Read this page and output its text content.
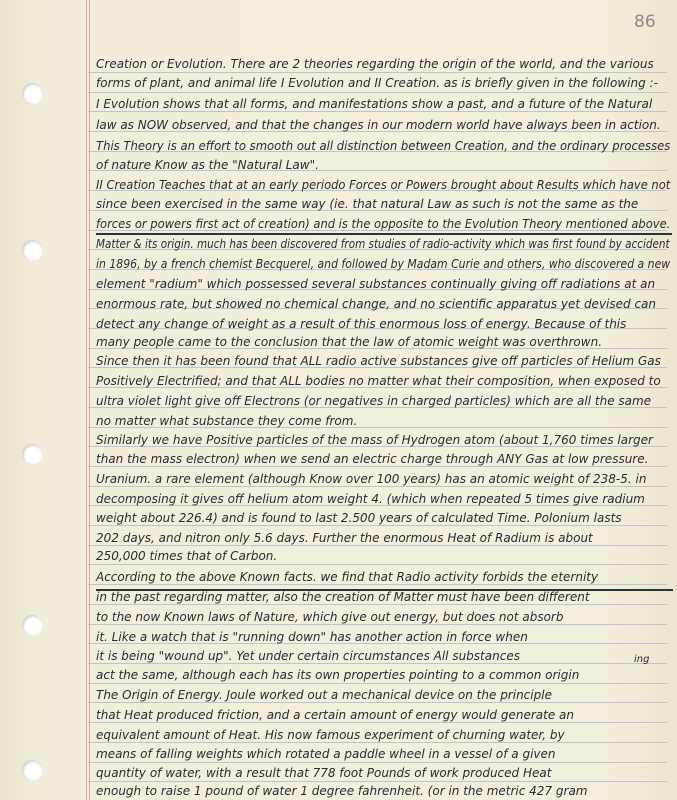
86
Creation or Evolution. There are 2 theories regarding the origin of the world, and the various
forms of plant, and animal life I Evolution and II Creation. as is briefly given in the following :-
I Evolution shows that all forms, and manifestations show a past, and a future of the Natural
law as NOW observed, and that the changes in our modern world have always been in action.
This Theory is an effort to smooth out all distinction between Creation, and the ordinary processes
of nature Know as the "Natural Law".
II Creation Teaches that at an early periodo Forces or Powers brought about Results which have not
since been exercised in the same way (ie. that natural Law as such is not the same as the
forces or powers first act of creation) and is the opposite to the Evolution Theory mentioned above.
Matter & its origin. much has been discovered from studies of radio-activity which was first found by accident
in 1896, by a french chemist Becquerel, and followed by Madam Curie and others, who discovered a new
element "radium" which possessed several substances continually giving off radiations at an
enormous rate, but showed no chemical change, and no scientific apparatus yet devised can
detect any change of weight as a result of this enormous loss of energy. Because of this
many people came to the conclusion that the law of atomic weight was overthrown.
Since then it has been found that ALL radio active substances give off particles of Helium Gas
Positively Electrified; and that ALL bodies no matter what their composition, when exposed to
ultra violet light give off Electrons (or negatives in charged particles) which are all the same
no matter what substance they come from.
Similarly we have Positive particles of the mass of Hydrogen atom (about 1,760 times larger
than the mass electron) when we send an electric charge through ANY Gas at low pressure.
Uranium. a rare element (although Know over 100 years) has an atomic weight of 238-5. in
decomposing it gives off helium atom weight 4. (which when repeated 5 times give radium
weight about 226.4) and is found to last 2.500 years of calculated Time. Polonium lasts
202 days, and nitron only 5.6 days. Further the enormous Heat of Radium is about
250,000 times that of Carbon.
According to the above Known facts. we find that Radio activity forbids the eternity
in the past regarding matter, also the creation of Matter must have been different
to the now Known laws of Nature, which give out energy, but does not absorb
it. Like a watch that is "running down" has another action in force when
it is being "wound up". Yet under certain circumstances All substances
act the same, although each has its own properties pointing to a common origin
The Origin of Energy. Joule worked out a mechanical device on the principle
that Heat produced friction, and a certain amount of energy would generate an
equivalent amount of Heat. His now famous experiment of churning water, by
means of falling weights which rotated a paddle wheel in a vessel of a given
quantity of water, with a result that 778 foot Pounds of work produced Heat
enough to raise 1 pound of water 1 degree fahrenheit. (or in the metric 427 gram
ing
